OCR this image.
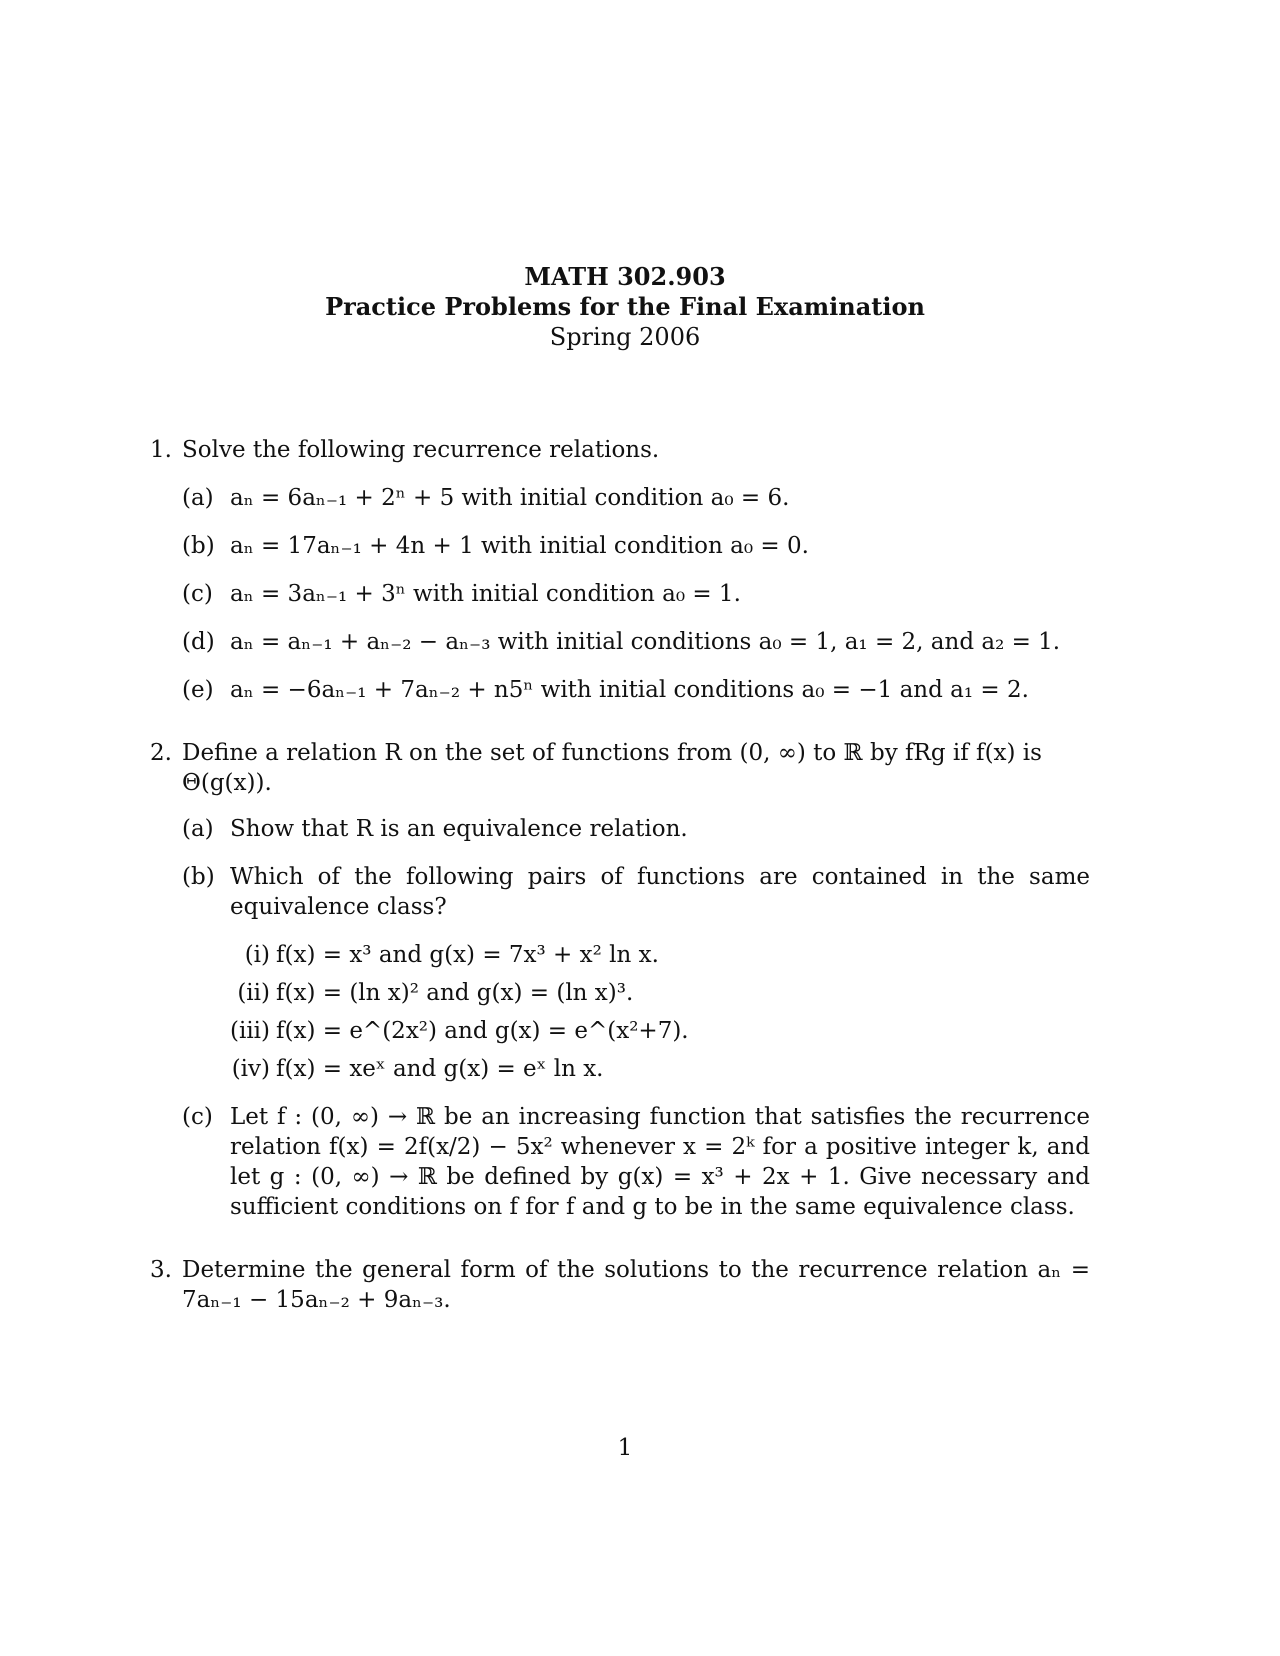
MATH 302.903
Practice Problems for the Final Examination
Spring 2006
1. Solve the following recurrence relations.
(a) aₙ = 6aₙ₋₁ + 2ⁿ + 5 with initial condition a₀ = 6.
(b) aₙ = 17aₙ₋₁ + 4n + 1 with initial condition a₀ = 0.
(c) aₙ = 3aₙ₋₁ + 3ⁿ with initial condition a₀ = 1.
(d) aₙ = aₙ₋₁ + aₙ₋₂ − aₙ₋₃ with initial conditions a₀ = 1, a₁ = 2, and a₂ = 1.
(e) aₙ = −6aₙ₋₁ + 7aₙ₋₂ + n5ⁿ with initial conditions a₀ = −1 and a₁ = 2.
2. Define a relation R on the set of functions from (0, ∞) to ℝ by fRg if f(x) is Θ(g(x)).
(a) Show that R is an equivalence relation.
(b) Which of the following pairs of functions are contained in the same equivalence class?
(i) f(x) = x³ and g(x) = 7x³ + x² ln x.
(ii) f(x) = (ln x)² and g(x) = (ln x)³.
(iii) f(x) = e^(2x²) and g(x) = e^(x²+7).
(iv) f(x) = xeˣ and g(x) = eˣ ln x.
(c) Let f : (0, ∞) → ℝ be an increasing function that satisfies the recurrence relation f(x) = 2f(x/2) − 5x² whenever x = 2ᵏ for a positive integer k, and let g : (0, ∞) → ℝ be defined by g(x) = x³ + 2x + 1. Give necessary and sufficient conditions on f for f and g to be in the same equivalence class.
3. Determine the general form of the solutions to the recurrence relation aₙ = 7aₙ₋₁ − 15aₙ₋₂ + 9aₙ₋₃.
1
